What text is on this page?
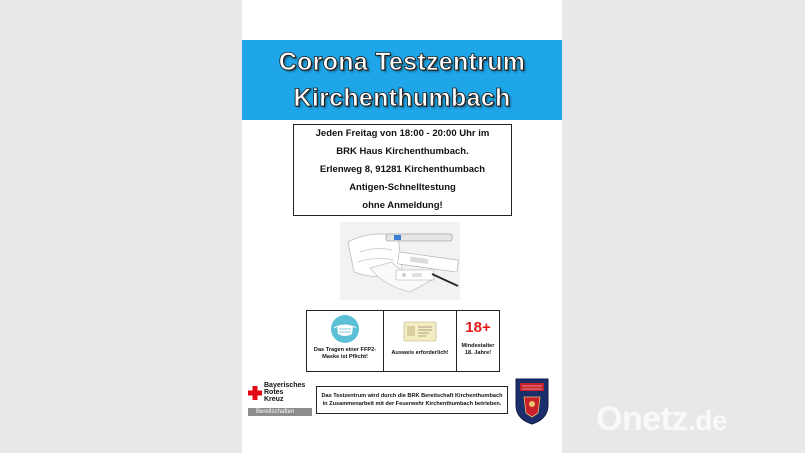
Corona Testzentrum
Kirchenthumbach
Jeden Freitag von 18:00 - 20:00 Uhr im
BRK Haus Kirchenthumbach.
Erlenweg 8, 91281 Kirchenthumbach
Antigen-Schnelltestung
ohne Anmeldung!
Das Tragen einer FFP2-Maske ist Pflicht!
Ausweis erforderlich!
18+
Mindestalter 18. Jahre!
Bayerisches
Rotes
Kreuz
Bereitschaften
Das Testzentrum wird durch die BRK Bereitschaft Kirchenthumbach in Zusammenarbeit mit der Feuerwehr Kirchenthumbach betrieben.	Onetz.de
